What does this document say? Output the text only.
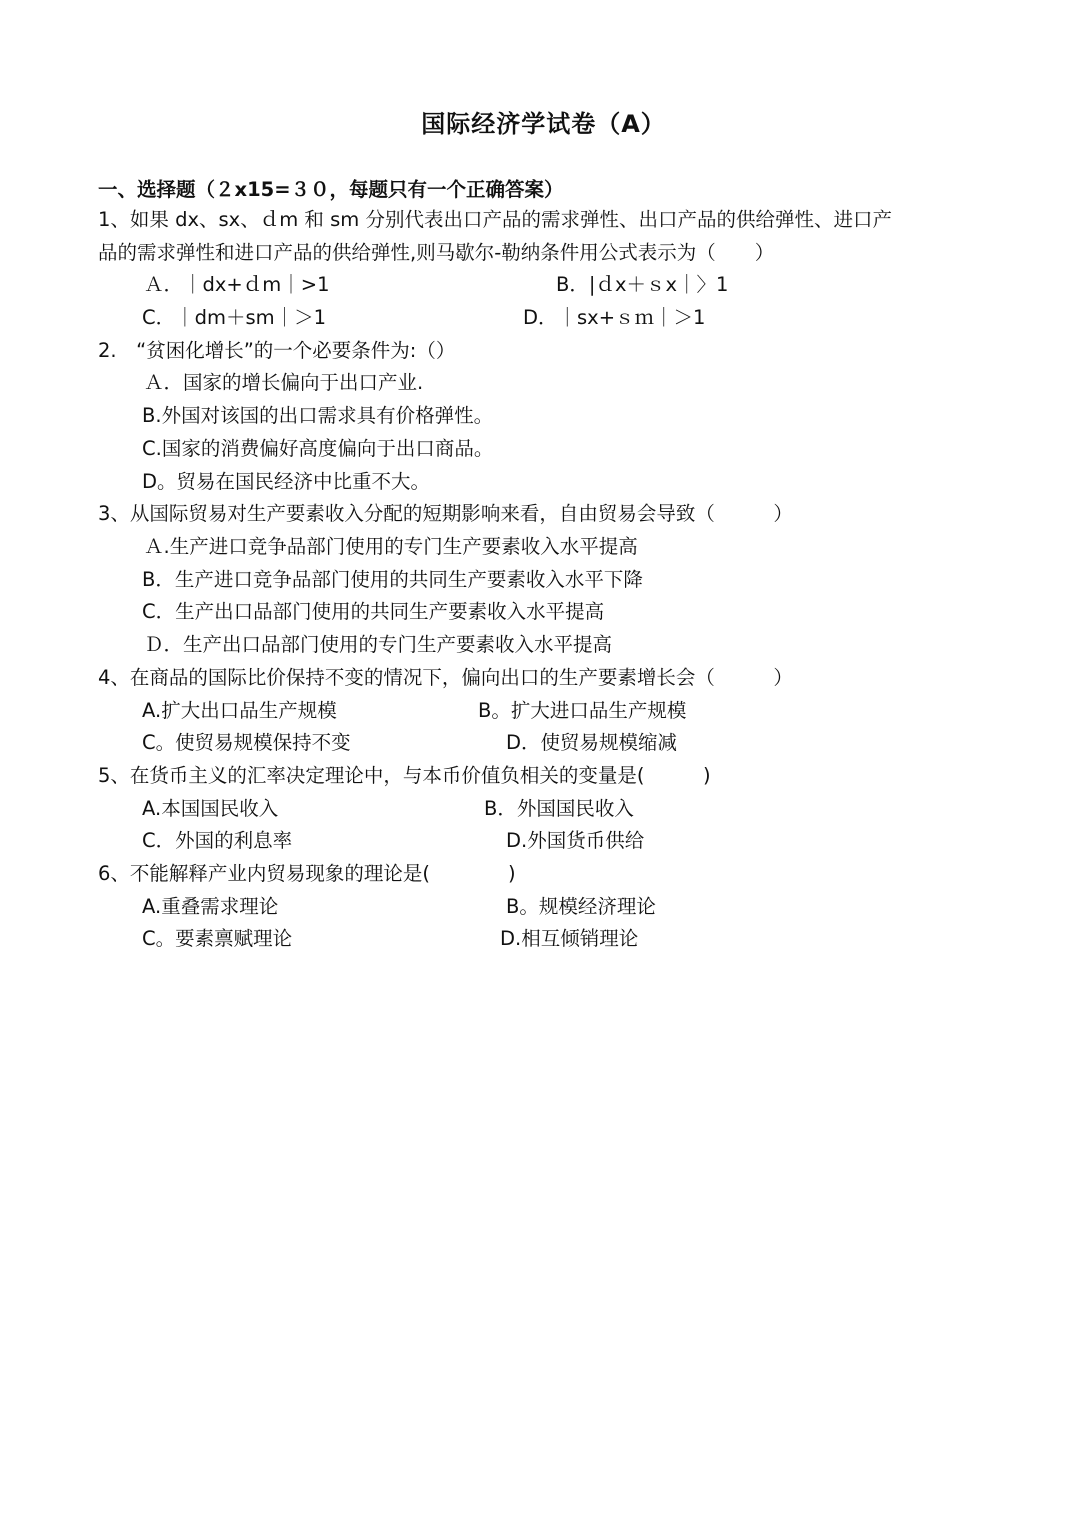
国际经济学试卷（A）
一、选择题（２x15=３０，每题只有一个正确答案）
1、如果 dx、sx、ｄm 和 sm 分别代表出口产品的需求弹性、出口产品的供给弹性、进口产
品的需求弹性和进口产品的供给弹性,则马歇尔-勒纳条件用公式表示为（　　）
Ａ．｜dx+ｄm｜>1	B．|ｄx＋ｓx｜〉1
C．｜dm＋sm｜＞1	D．｜sx+ｓｍ｜＞1
2.　“贫困化增长”的一个必要条件为:（）
Ａ．国家的增长偏向于出口产业.
B.外国对该国的出口需求具有价格弹性。
C.国家的消费偏好高度偏向于出口商品。
D。贸易在国民经济中比重不大。
3、从国际贸易对生产要素收入分配的短期影响来看，自由贸易会导致（　　　）
Ａ.生产进口竞争品部门使用的专门生产要素收入水平提高
B．生产进口竞争品部门使用的共同生产要素收入水平下降
C．生产出口品部门使用的共同生产要素收入水平提高
Ｄ．生产出口品部门使用的专门生产要素收入水平提高
4、在商品的国际比价保持不变的情况下，偏向出口的生产要素增长会（　　　）
A.扩大出口品生产规模	B。扩大进口品生产规模
C。使贸易规模保持不变	D．使贸易规模缩减
5、在货币主义的汇率决定理论中，与本币价值负相关的变量是(　　　)
A.本国国民收入	B．外国国民收入
C．外国的利息率	D.外国货币供给
6、不能解释产业内贸易现象的理论是(　　　　)
A.重叠需求理论	B。规模经济理论
C。要素禀赋理论	D.相互倾销理论
